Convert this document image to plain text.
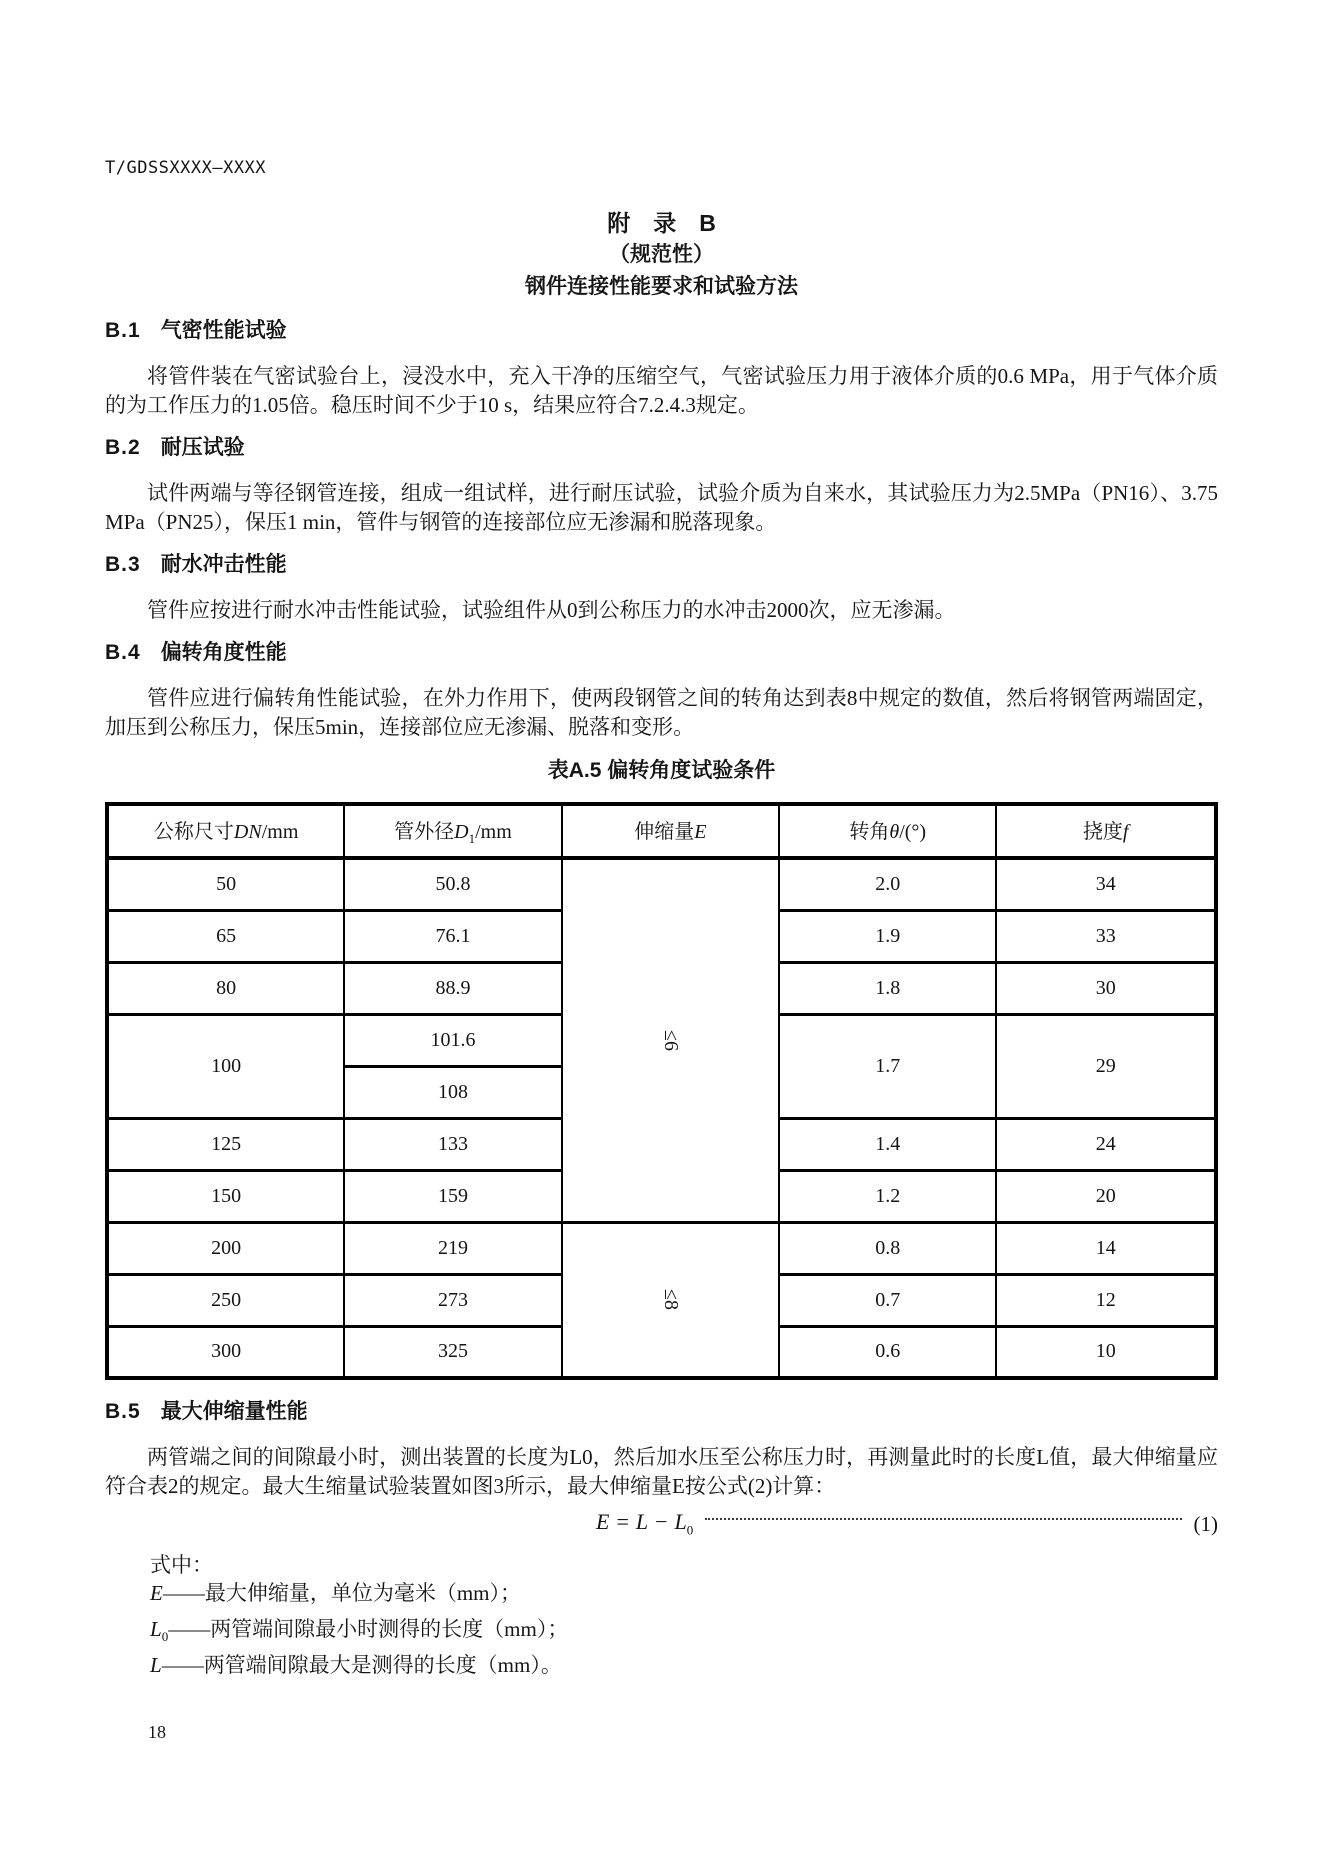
T/GDSSXXXX—XXXX
附　录　B
（规范性）
钢件连接性能要求和试验方法
B.1 气密性能试验

将管件装在气密试验台上，浸没水中，充入干净的压缩空气，气密试验压力用于液体介质的0.6 MPa，用于气体介质的为工作压力的1.05倍。稳压时间不少于10 s，结果应符合7.2.4.3规定。

B.2 耐压试验

试件两端与等径钢管连接，组成一组试样，进行耐压试验，试验介质为自来水，其试验压力为2.5MPa（PN16）、3.75 MPa（PN25），保压1 min，管件与钢管的连接部位应无渗漏和脱落现象。

B.3 耐水冲击性能

管件应按进行耐水冲击性能试验，试验组件从0到公称压力的水冲击2000次，应无渗漏。

B.4 偏转角度性能

管件应进行偏转角性能试验，在外力作用下，使两段钢管之间的转角达到表8中规定的数值，然后将钢管两端固定，加压到公称压力，保压5min，连接部位应无渗漏、脱落和变形。

表A.5 偏转角度试验条件
公称尺寸DN/mm	管外径$D_1/mm$	伸缩量E	转角θ/(°)	挠度f
50	50.8	≤6	2.0	34
65	76.1		1.9	33
80	88.9		1.8	30
100	101.6		1.7	29
	108			
125	133		1.4	24
150	159		1.2	20
200	219	≤8	0.8	14
250	273		0.7	12
300	325		0.6	10
B.5 最大伸缩量性能

两管端之间的间隙最小时，测出装置的长度为L0，然后加水压至公称压力时，再测量此时的长度L值，最大伸缩量应符合表2的规定。最大生缩量试验装置如图3所示，最大伸缩量E按公式(2)计算：

$E = L - L_0$	(1)
式中：
E——最大伸缩量，单位为毫米（mm）；
$L_0——$两管端间隙最小时测得的长度（mm）；
L——两管端间隙最大是测得的长度（mm）。
18
